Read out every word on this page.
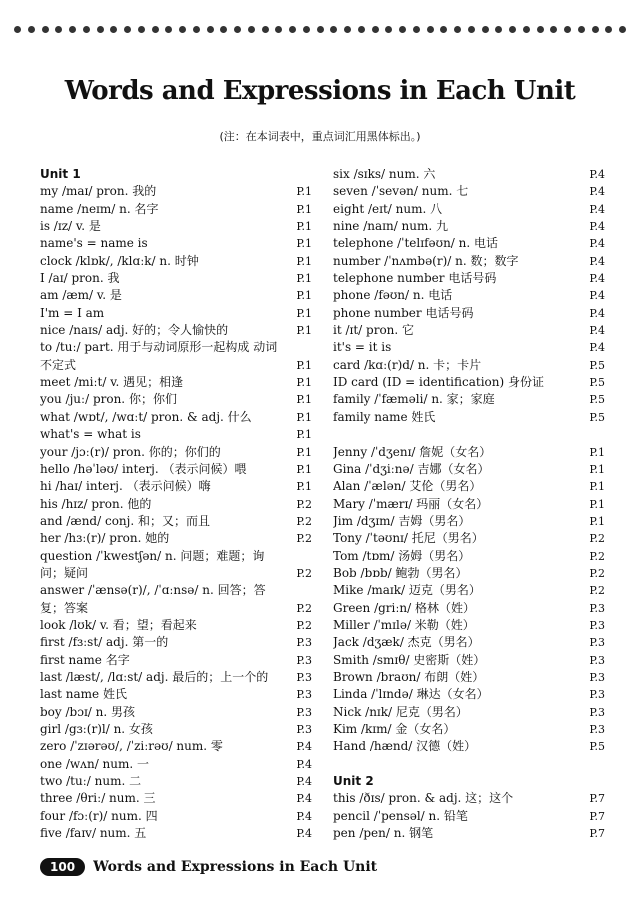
Words and Expressions in Each Unit
(注：在本词表中，重点词汇用黑体标出。)
Unit 1
my /maɪ/ pron. 我的	P.1
name /neɪm/ n. 名字	P.1
is /ɪz/ v. 是	P.1
name's = name is	P.1
clock /klɒk/, /klɑːk/ n. 时钟	P.1
I /aɪ/ pron. 我	P.1
am /æm/ v. 是	P.1
I'm = I am	P.1
nice /naɪs/ adj. 好的；令人愉快的	P.1
to /tuː/ part. 用于与动词原形一起构成 动词不定式	P.1
meet /miːt/ v. 遇见；相逢	P.1
you /juː/ pron. 你；你们	P.1
what /wɒt/, /wɑːt/ pron. & adj. 什么	P.1
what's = what is	P.1
your /jɔː(r)/ pron. 你的；你们的	P.1
hello /həˈləʊ/ interj. （表示问候）喂	P.1
hi /haɪ/ interj. （表示问候）嗨	P.1
his /hɪz/ pron. 他的	P.2
and /ænd/ conj. 和；又；而且	P.2
her /hɜː(r)/ pron. 她的	P.2
question /ˈkwestʃən/ n. 问题；难题；询问；疑问	P.2
answer /ˈænsə(r)/, /ˈɑːnsə/ n. 回答；答复；答案	P.2
look /lʊk/ v. 看；望；看起来	P.2
first /fɜːst/ adj. 第一的	P.3
first name 名字	P.3
last /læst/, /lɑːst/ adj. 最后的；上一个的	P.3
last name 姓氏	P.3
boy /bɔɪ/ n. 男孩	P.3
girl /gɜː(r)l/ n. 女孩	P.3
zero /ˈzɪərəʊ/, /ˈziːrəʊ/ num. 零	P.4
one /wʌn/ num. 一	P.4
two /tuː/ num. 二	P.4
three /θriː/ num. 三	P.4
four /fɔː(r)/ num. 四	P.4
five /faɪv/ num. 五	P.4
six /sɪks/ num. 六	P.4
seven /ˈsevən/ num. 七	P.4
eight /eɪt/ num. 八	P.4
nine /naɪn/ num. 九	P.4
telephone /ˈtelɪfəʊn/ n. 电话	P.4
number /ˈnʌmbə(r)/ n. 数；数字	P.4
telephone number 电话号码	P.4
phone /fəʊn/ n. 电话	P.4
phone number 电话号码	P.4
it /ɪt/ pron. 它	P.4
it's = it is	P.4
card /kɑː(r)d/ n. 卡；卡片	P.5
ID card (ID = identification) 身份证	P.5
family /ˈfæməli/ n. 家；家庭	P.5
family name 姓氏	P.5
Jenny /ˈdʒenɪ/ 詹妮（女名）	P.1
Gina /ˈdʒiːnə/ 吉娜（女名）	P.1
Alan /ˈælən/ 艾伦（男名）	P.1
Mary /ˈmærɪ/ 玛丽（女名）	P.1
Jim /dʒɪm/ 吉姆（男名）	P.1
Tony /ˈtəʊnɪ/ 托尼（男名）	P.2
Tom /tɒm/ 汤姆（男名）	P.2
Bob /bɒb/ 鲍勃（男名）	P.2
Mike /maɪk/ 迈克（男名）	P.2
Green /griːn/ 格林（姓）	P.3
Miller /ˈmɪlə/ 米勒（姓）	P.3
Jack /dʒæk/ 杰克（男名）	P.3
Smith /smɪθ/ 史密斯（姓）	P.3
Brown /braʊn/ 布朗（姓）	P.3
Linda /ˈlɪndə/ 琳达（女名）	P.3
Nick /nɪk/ 尼克（男名）	P.3
Kim /kɪm/ 金（女名）	P.3
Hand /hænd/ 汉德（姓）	P.5
Unit 2
this /ðɪs/ pron. & adj. 这；这个	P.7
pencil /ˈpensəl/ n. 铅笔	P.7
pen /pen/ n. 钢笔	P.7
100	Words and Expressions in Each Unit
